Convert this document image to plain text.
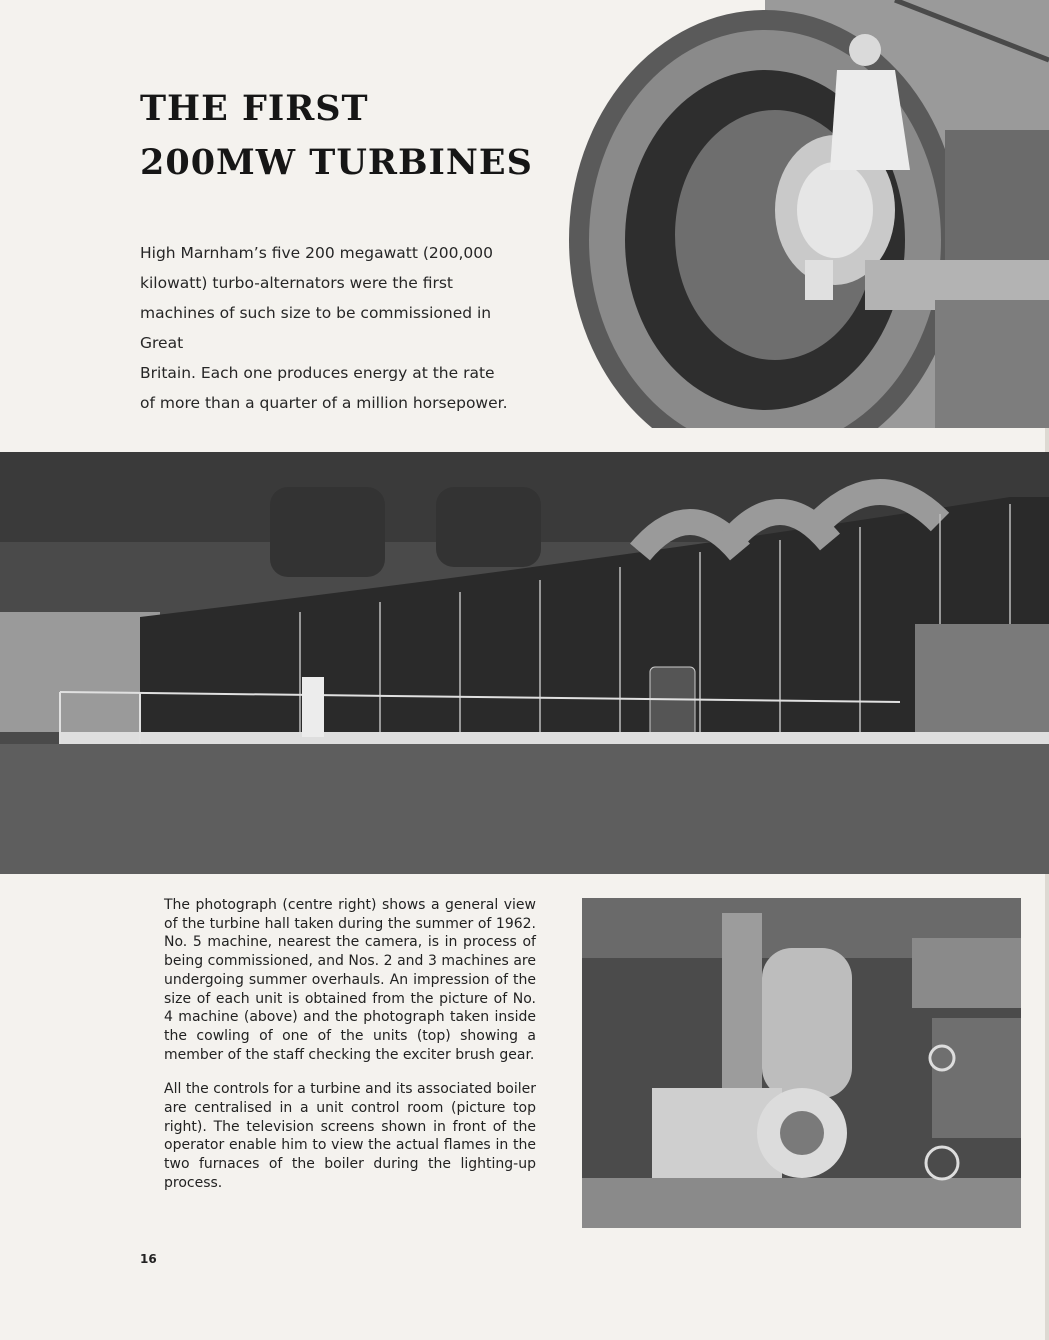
THE FIRST
200MW TURBINES

High Marnham’s five 200 megawatt (200,000
kilowatt) turbo-alternators were the first
machines of such size to be commissioned in Great
Britain. Each one produces energy at the rate
of more than a quarter of a million horsepower.

The photograph (centre right) shows a general view of the turbine hall taken during the summer of 1962. No. 5 machine, nearest the camera, is in process of being commissioned, and Nos. 2 and 3 machines are undergoing summer overhauls. An impression of the size of each unit is obtained from the picture of No. 4 machine (above) and the photograph taken inside the cowling of one of the units (top) showing a member of the staff checking the exciter brush gear.

All the controls for a turbine and its associated boiler are centralised in a unit control room (picture top right). The television screens shown in front of the operator enable him to view the actual flames in the two furnaces of the boiler during the lighting-up process.

16
